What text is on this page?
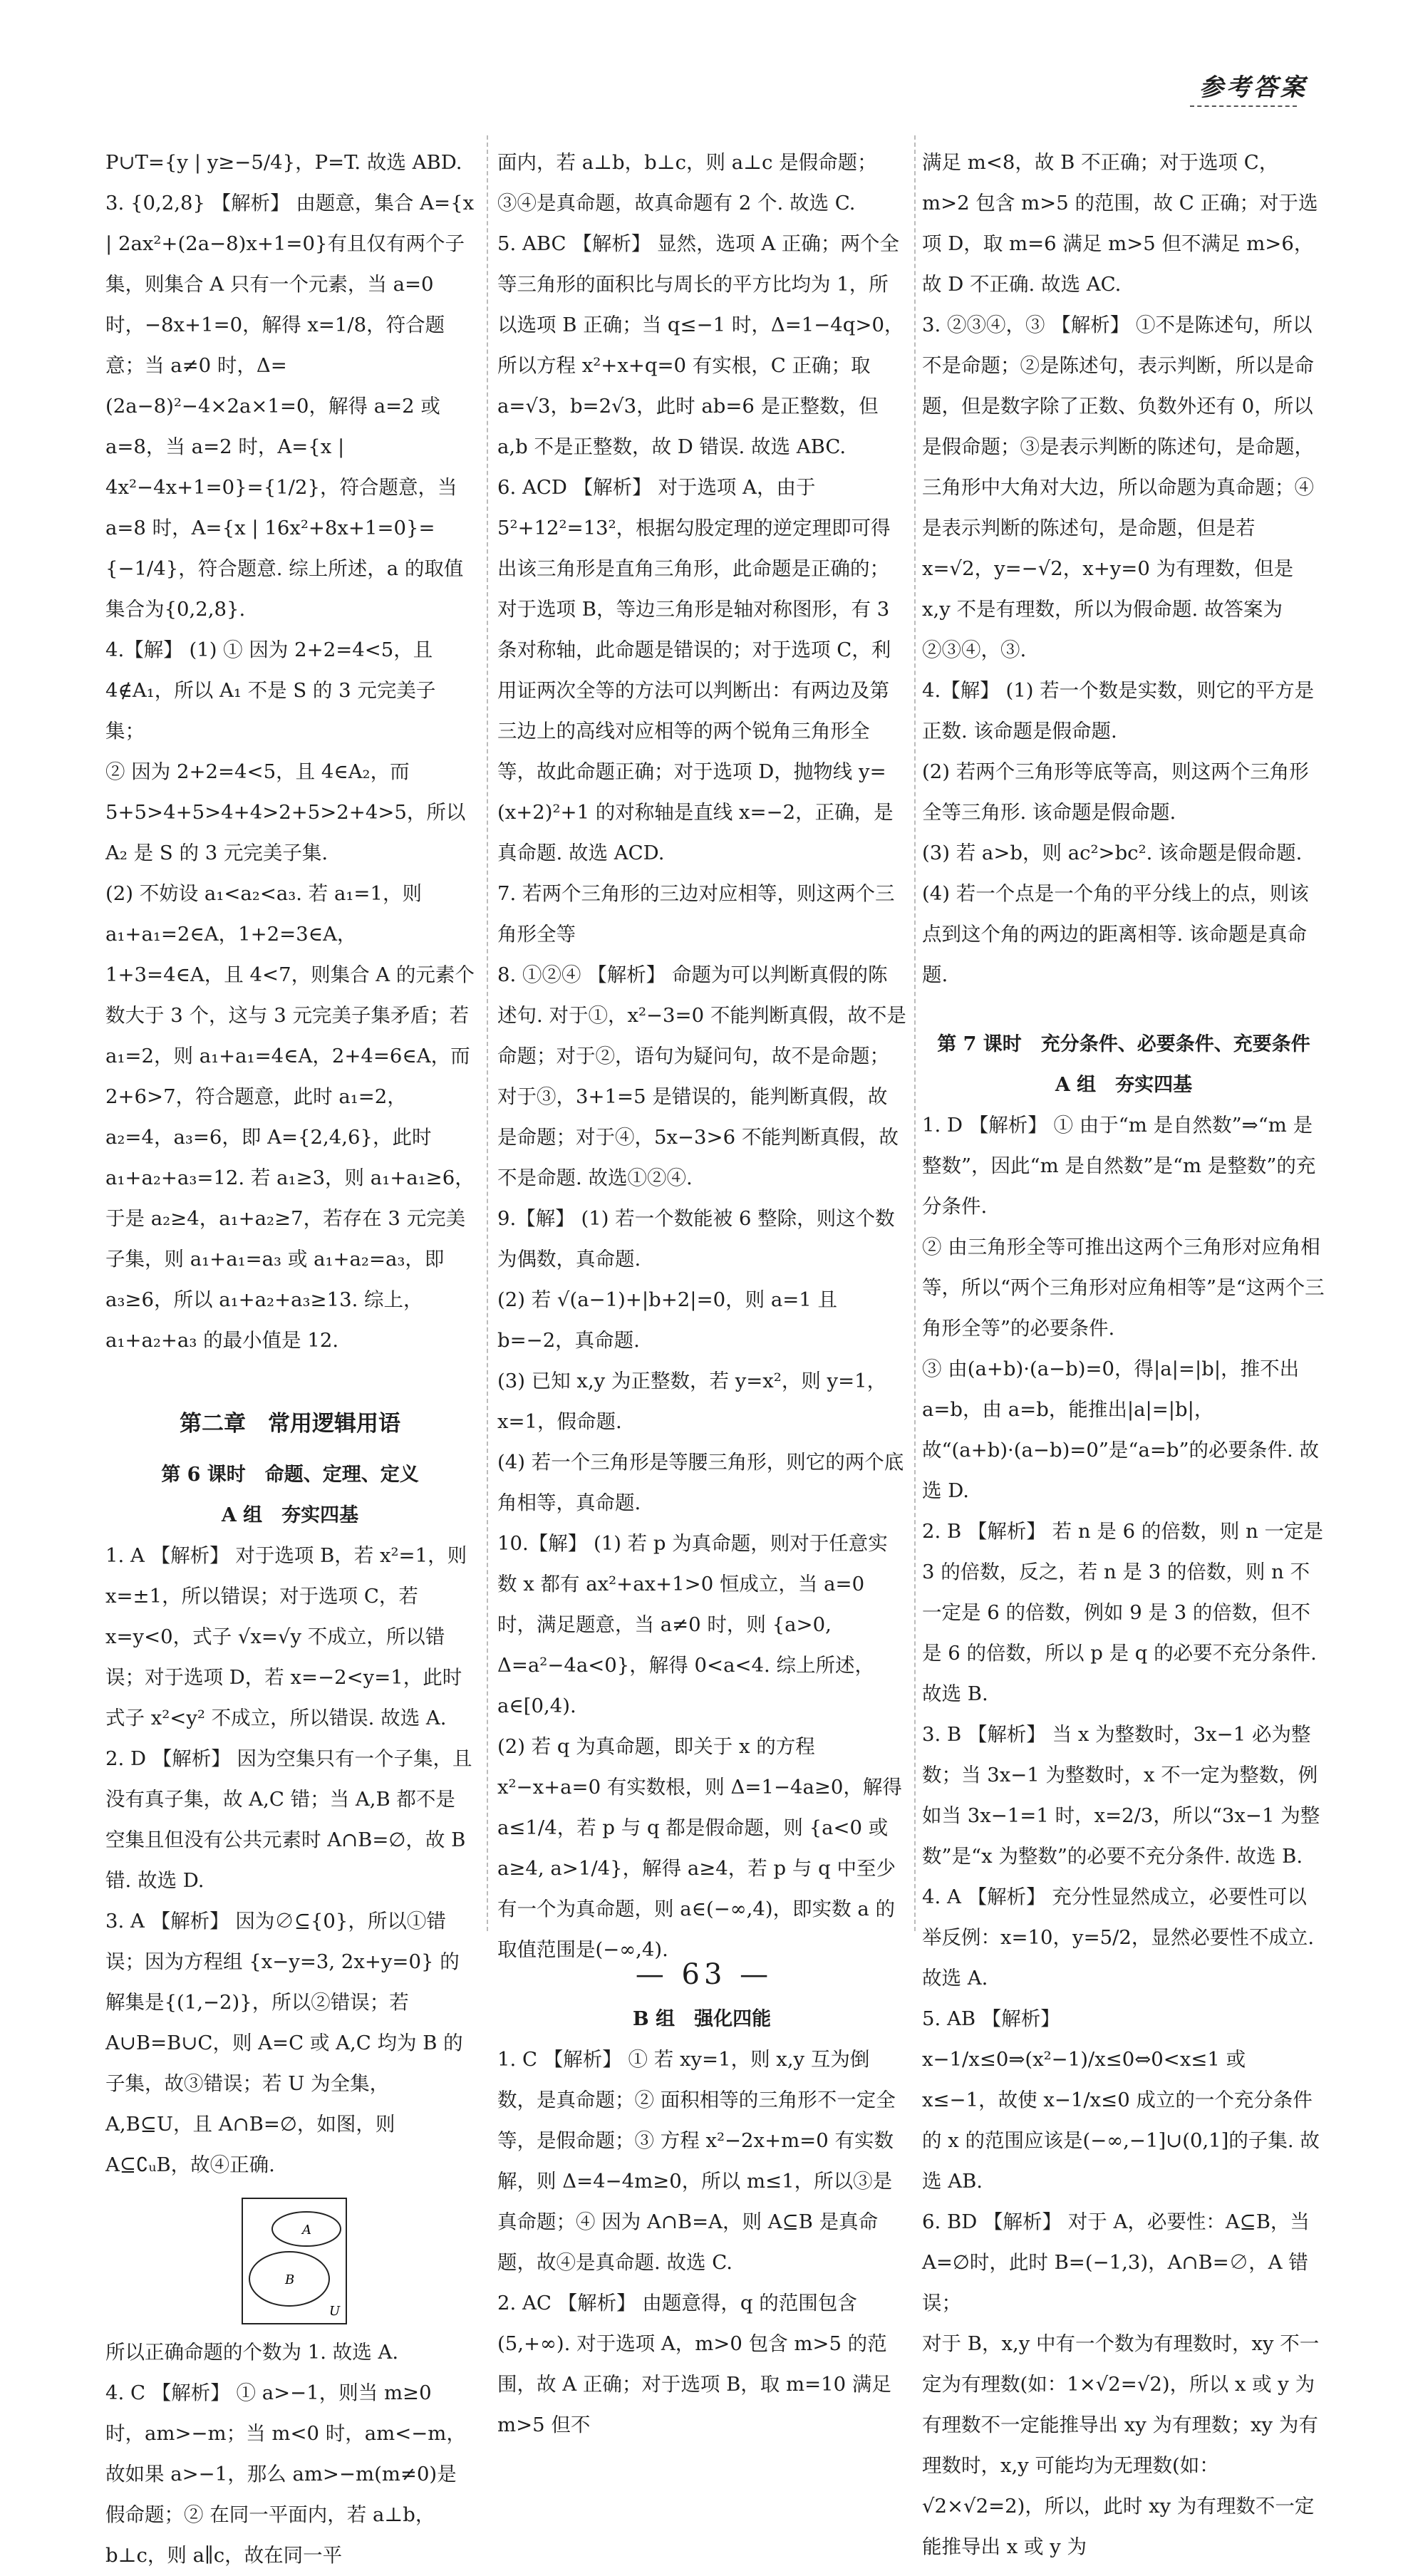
参考答案

P∪T={y | y≥−5/4}，P=T. 故选 ABD.

3. {0,2,8} 【解析】 由题意，集合 A={x | 2ax²+(2a−8)x+1=0}有且仅有两个子集，则集合 A 只有一个元素，当 a=0 时，−8x+1=0，解得 x=1/8，符合题意；当 a≠0 时，Δ=(2a−8)²−4×2a×1=0，解得 a=2 或 a=8，当 a=2 时，A={x | 4x²−4x+1=0}={1/2}，符合题意，当 a=8 时，A={x | 16x²+8x+1=0}={−1/4}，符合题意. 综上所述，a 的取值集合为{0,2,8}.

4.【解】 (1) ① 因为 2+2=4<5，且 4∉A₁，所以 A₁ 不是 S 的 3 元完美子集；
② 因为 2+2=4<5，且 4∈A₂，而 5+5>4+5>4+4>2+5>2+4>5，所以 A₂ 是 S 的 3 元完美子集.
(2) 不妨设 a₁<a₂<a₃. 若 a₁=1，则 a₁+a₁=2∈A，1+2=3∈A，1+3=4∈A，且 4<7，则集合 A 的元素个数大于 3 个，这与 3 元完美子集矛盾；若 a₁=2，则 a₁+a₁=4∈A，2+4=6∈A，而 2+6>7，符合题意，此时 a₁=2，a₂=4，a₃=6，即 A={2,4,6}，此时 a₁+a₂+a₃=12. 若 a₁≥3，则 a₁+a₁≥6，于是 a₂≥4，a₁+a₂≥7，若存在 3 元完美子集，则 a₁+a₁=a₃ 或 a₁+a₂=a₃，即 a₃≥6，所以 a₁+a₂+a₃≥13. 综上，a₁+a₂+a₃ 的最小值是 12.

第二章　常用逻辑用语
第 6 课时　命题、定理、定义
A 组　夯实四基

1. A 【解析】 对于选项 B，若 x²=1，则 x=±1，所以错误；对于选项 C，若 x=y<0，式子 √x=√y 不成立，所以错误；对于选项 D，若 x=−2<y=1，此时式子 x²<y² 不成立，所以错误. 故选 A.

2. D 【解析】 因为空集只有一个子集，且没有真子集，故 A,C 错；当 A,B 都不是空集且但没有公共元素时 A∩B=∅，故 B 错. 故选 D.

3. A 【解析】 因为∅⊆{0}，所以①错误；因为方程组 {x−y=3, 2x+y=0} 的解集是{(1,−2)}，所以②错误；若 A∪B=B∪C，则 A=C 或 A,C 均为 B 的子集，故③错误；若 U 为全集，A,B⊆U，且 A∩B=∅，如图，则 A⊆∁ᵤB，故④正确.

A
B
U

所以正确命题的个数为 1. 故选 A.

4. C 【解析】 ① a>−1，则当 m≥0 时，am>−m；当 m<0 时，am<−m，故如果 a>−1，那么 am>−m(m≠0)是假命题；② 在同一平面内，若 a⊥b，b⊥c，则 a∥c，故在同一平

面内，若 a⊥b，b⊥c，则 a⊥c 是假命题；③④是真命题，故真命题有 2 个. 故选 C.

5. ABC 【解析】 显然，选项 A 正确；两个全等三角形的面积比与周长的平方比均为 1，所以选项 B 正确；当 q≤−1 时，Δ=1−4q>0，所以方程 x²+x+q=0 有实根，C 正确；取 a=√3，b=2√3，此时 ab=6 是正整数，但 a,b 不是正整数，故 D 错误. 故选 ABC.

6. ACD 【解析】 对于选项 A，由于 5²+12²=13²，根据勾股定理的逆定理即可得出该三角形是直角三角形，此命题是正确的；对于选项 B，等边三角形是轴对称图形，有 3 条对称轴，此命题是错误的；对于选项 C，利用证两次全等的方法可以判断出：有两边及第三边上的高线对应相等的两个锐角三角形全等，故此命题正确；对于选项 D，抛物线 y=(x+2)²+1 的对称轴是直线 x=−2，正确，是真命题. 故选 ACD.

7. 若两个三角形的三边对应相等，则这两个三角形全等

8. ①②④ 【解析】 命题为可以判断真假的陈述句. 对于①，x²−3=0 不能判断真假，故不是命题；对于②，语句为疑问句，故不是命题；对于③，3+1=5 是错误的，能判断真假，故是命题；对于④，5x−3>6 不能判断真假，故不是命题. 故选①②④.

9.【解】 (1) 若一个数能被 6 整除，则这个数为偶数，真命题.
(2) 若 √(a−1)+|b+2|=0，则 a=1 且 b=−2，真命题.
(3) 已知 x,y 为正整数，若 y=x²，则 y=1，x=1，假命题.
(4) 若一个三角形是等腰三角形，则它的两个底角相等，真命题.

10.【解】 (1) 若 p 为真命题，则对于任意实数 x 都有 ax²+ax+1>0 恒成立，当 a=0 时，满足题意，当 a≠0 时，则 {a>0, Δ=a²−4a<0}，解得 0<a<4. 综上所述，a∈[0,4).
(2) 若 q 为真命题，即关于 x 的方程 x²−x+a=0 有实数根，则 Δ=1−4a≥0，解得 a≤1/4，若 p 与 q 都是假命题，则 {a<0 或 a≥4, a>1/4}，解得 a≥4，若 p 与 q 中至少有一个为真命题，则 a∈(−∞,4)，即实数 a 的取值范围是(−∞,4).

B 组　强化四能

1. C 【解析】 ① 若 xy=1，则 x,y 互为倒数，是真命题；② 面积相等的三角形不一定全等，是假命题；③ 方程 x²−2x+m=0 有实数解，则 Δ=4−4m≥0，所以 m≤1，所以③是真命题；④ 因为 A∩B=A，则 A⊆B 是真命题，故④是真命题. 故选 C.

2. AC 【解析】 由题意得，q 的范围包含(5,+∞). 对于选项 A，m>0 包含 m>5 的范围，故 A 正确；对于选项 B，取 m=10 满足 m>5 但不

满足 m<8，故 B 不正确；对于选项 C，m>2 包含 m>5 的范围，故 C 正确；对于选项 D，取 m=6 满足 m>5 但不满足 m>6，故 D 不正确. 故选 AC.

3. ②③④，③ 【解析】 ①不是陈述句，所以不是命题；②是陈述句，表示判断，所以是命题，但是数字除了正数、负数外还有 0，所以是假命题；③是表示判断的陈述句，是命题，三角形中大角对大边，所以命题为真命题；④是表示判断的陈述句，是命题，但是若 x=√2，y=−√2，x+y=0 为有理数，但是 x,y 不是有理数，所以为假命题. 故答案为②③④，③.

4.【解】 (1) 若一个数是实数，则它的平方是正数. 该命题是假命题.
(2) 若两个三角形等底等高，则这两个三角形全等三角形. 该命题是假命题.
(3) 若 a>b，则 ac²>bc². 该命题是假命题.
(4) 若一个点是一个角的平分线上的点，则该点到这个角的两边的距离相等. 该命题是真命题.

第 7 课时　充分条件、必要条件、充要条件
A 组　夯实四基

1. D 【解析】 ① 由于“m 是自然数”⇒“m 是整数”，因此“m 是自然数”是“m 是整数”的充分条件.
② 由三角形全等可推出这两个三角形对应角相等，所以“两个三角形对应角相等”是“这两个三角形全等”的必要条件.
③ 由(a+b)·(a−b)=0，得|a|=|b|，推不出 a=b，由 a=b，能推出|a|=|b|，故“(a+b)·(a−b)=0”是“a=b”的必要条件. 故选 D.

2. B 【解析】 若 n 是 6 的倍数，则 n 一定是 3 的倍数，反之，若 n 是 3 的倍数，则 n 不一定是 6 的倍数，例如 9 是 3 的倍数，但不是 6 的倍数，所以 p 是 q 的必要不充分条件. 故选 B.

3. B 【解析】 当 x 为整数时，3x−1 必为整数；当 3x−1 为整数时，x 不一定为整数，例如当 3x−1=1 时，x=2/3，所以“3x−1 为整数”是“x 为整数”的必要不充分条件. 故选 B.

4. A 【解析】 充分性显然成立，必要性可以举反例：x=10，y=5/2，显然必要性不成立. 故选 A.

5. AB 【解析】 x−1/x≤0⇒(x²−1)/x≤0⇔0<x≤1 或 x≤−1，故使 x−1/x≤0 成立的一个充分条件的 x 的范围应该是(−∞,−1]∪(0,1]的子集. 故选 AB.

6. BD 【解析】 对于 A，必要性：A⊆B，当 A=∅时，此时 B=(−1,3)，A∩B=∅，A 错误；
对于 B，x,y 中有一个数为有理数时，xy 不一定为有理数(如：1×√2=√2)，所以 x 或 y 为有理数不一定能推导出 xy 为有理数；xy 为有理数时，x,y 可能均为无理数(如：√2×√2=2)，所以，此时 xy 为有理数不一定能推导出 x 或 y 为

— 63 —
